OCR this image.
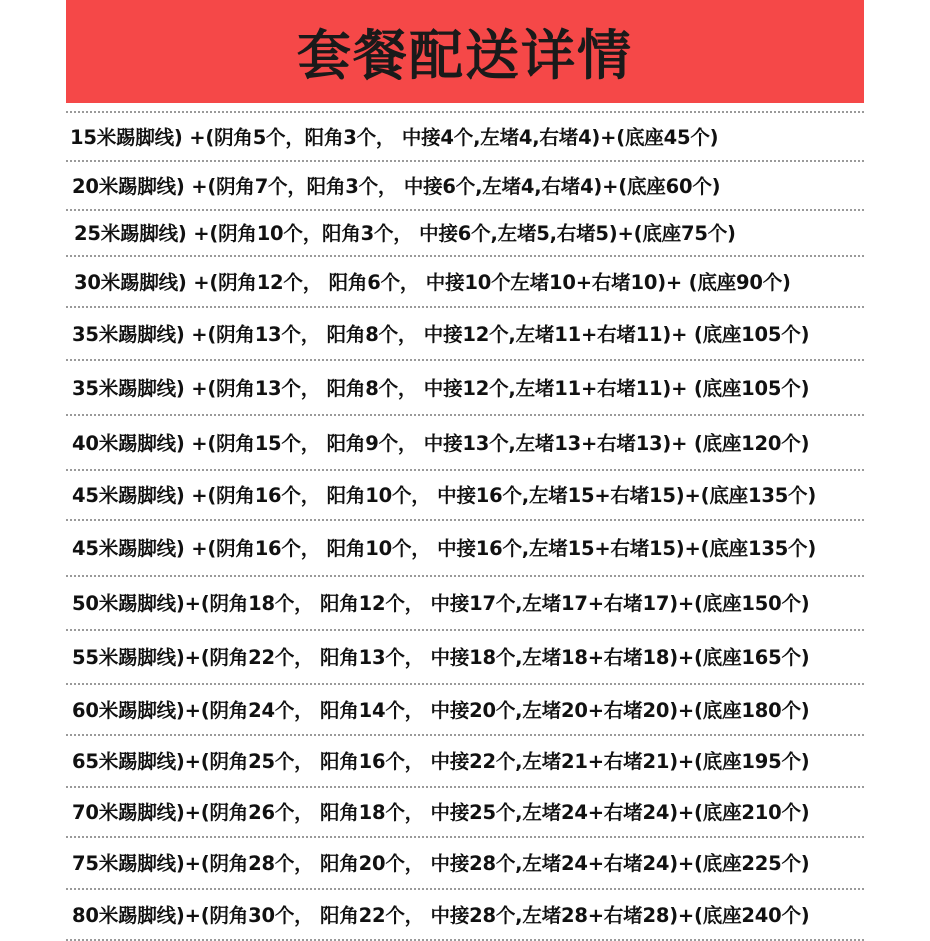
套餐配送详情
15米踢脚线) +(阴角5个，阳角3个， 中接4个,左堵4,右堵4)+(底座45个)
20米踢脚线) +(阴角7个，阳角3个， 中接6个,左堵4,右堵4)+(底座60个)
25米踢脚线) +(阴角10个，阳角3个， 中接6个,左堵5,右堵5)+(底座75个)
30米踢脚线) +(阴角12个， 阳角6个， 中接10个左堵10+右堵10)+ (底座90个)
35米踢脚线) +(阴角13个， 阳角8个， 中接12个,左堵11+右堵11)+ (底座105个)
35米踢脚线) +(阴角13个， 阳角8个， 中接12个,左堵11+右堵11)+ (底座105个)
40米踢脚线) +(阴角15个， 阳角9个， 中接13个,左堵13+右堵13)+ (底座120个)
45米踢脚线) +(阴角16个， 阳角10个， 中接16个,左堵15+右堵15)+(底座135个)
45米踢脚线) +(阴角16个， 阳角10个， 中接16个,左堵15+右堵15)+(底座135个)
50米踢脚线)+(阴角18个， 阳角12个， 中接17个,左堵17+右堵17)+(底座150个)
55米踢脚线)+(阴角22个， 阳角13个， 中接18个,左堵18+右堵18)+(底座165个)
60米踢脚线)+(阴角24个， 阳角14个， 中接20个,左堵20+右堵20)+(底座180个)
65米踢脚线)+(阴角25个， 阳角16个， 中接22个,左堵21+右堵21)+(底座195个)
70米踢脚线)+(阴角26个， 阳角18个， 中接25个,左堵24+右堵24)+(底座210个)
75米踢脚线)+(阴角28个， 阳角20个， 中接28个,左堵24+右堵24)+(底座225个)
80米踢脚线)+(阴角30个， 阳角22个， 中接28个,左堵28+右堵28)+(底座240个)
